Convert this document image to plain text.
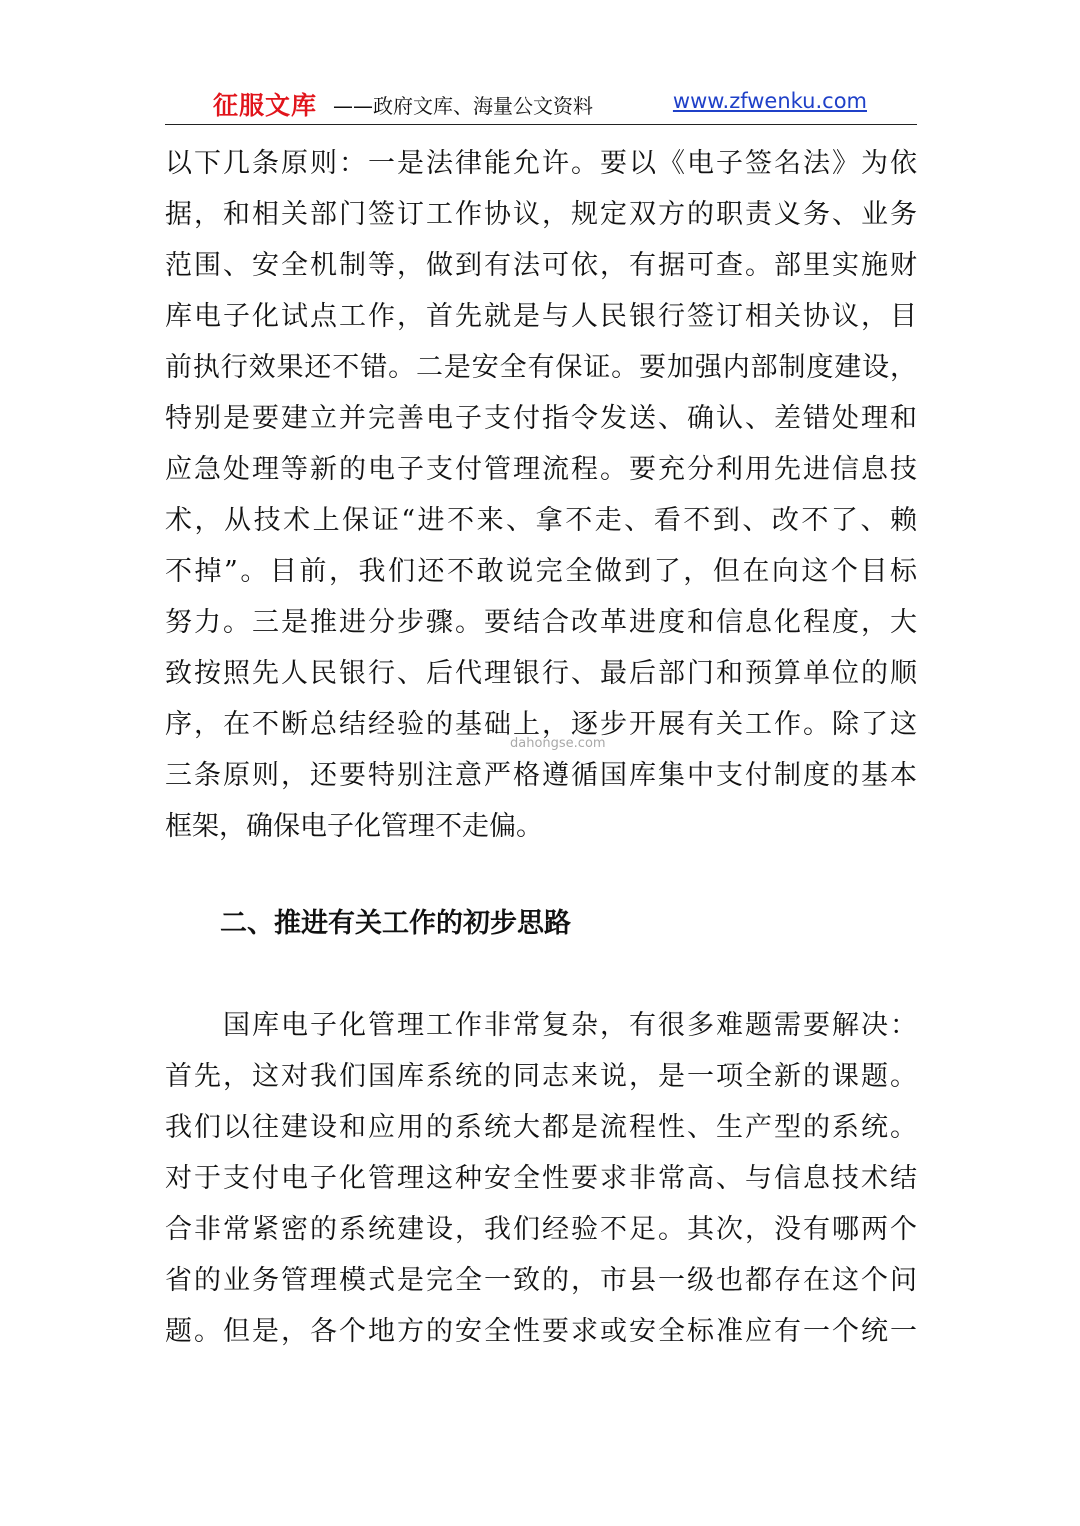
征服文库 ——政府文库、海量公文资料	www.zfwenku.com

以下几条原则：一是法律能允许。要以《电子签名法》为依
据，和相关部门签订工作协议，规定双方的职责义务、业务
范围、安全机制等，做到有法可依，有据可查。部里实施财
库电子化试点工作，首先就是与人民银行签订相关协议，目
前执行效果还不错。二是安全有保证。要加强内部制度建设，
特别是要建立并完善电子支付指令发送、确认、差错处理和
应急处理等新的电子支付管理流程。要充分利用先进信息技
术，从技术上保证“进不来、拿不走、看不到、改不了、赖
不掉”。目前，我们还不敢说完全做到了，但在向这个目标
努力。三是推进分步骤。要结合改革进度和信息化程度，大
致按照先人民银行、后代理银行、最后部门和预算单位的顺
序，在不断总结经验的基础上，逐步开展有关工作。除了这
三条原则，还要特别注意严格遵循国库集中支付制度的基本
框架，确保电子化管理不走偏。

dahongse.com
二、推进有关工作的初步思路

　　国库电子化管理工作非常复杂，有很多难题需要解决：
首先，这对我们国库系统的同志来说，是一项全新的课题。
我们以往建设和应用的系统大都是流程性、生产型的系统。
对于支付电子化管理这种安全性要求非常高、与信息技术结
合非常紧密的系统建设，我们经验不足。其次，没有哪两个
省的业务管理模式是完全一致的，市县一级也都存在这个问
题。但是，各个地方的安全性要求或安全标准应有一个统一
